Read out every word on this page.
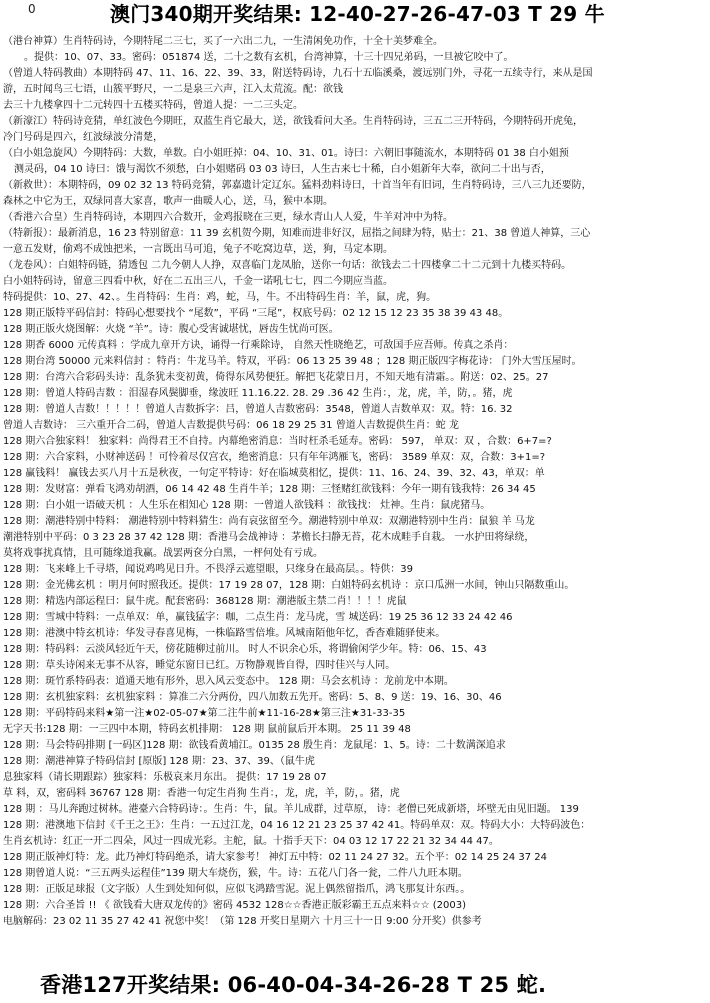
0	澳门340期开奖结果: 12-40-27-26-47-03 T 29 牛
（港台神算）生肖特码诗，今期特尾二三七，买了一六出二九，一生清闲免功作，十全十美梦难全。
。提供：10、07、33。密码：051874 送，二十之数有玄机，台湾神算，十三十四兄弟码，一旦被它咬中了。
（曾道人特码教曲）本期特码 47、11、16、22、39、33，附送特码诗，九石十五临溪桑，渡远别门外，寻花一五续寺行，来从是国
游，五时闻鸟三七语，山簇平野尺，一二是泉三六声，江入太荒流。配：欲钱
去三十九楼拿四十二元转四十五楼买特码，曾道人提：一二三头定。
（新濠江）特码诗竞猜，单红波色今期旺，双蓝生肖它最大，送，欲钱看问大圣。生肖特码诗，三五二三开特码，今期特码开虎兔，
冷门号码是四六，红波绿波分清楚，
（白小姐急旋风）今期特码：大数，单数。白小姐旺掉：04、10、31、01。诗曰：六朝旧事随流水，本期特码 01 38 白小姐预
测灵码，04 10 诗曰：饿与渴饮不须愁，白小姐赌码 03 03 诗曰，人生古来七十稀，白小姐新年大奉，欲问二十出与否，
（新救世）：本期特码，09 02 32 13 特码竞猜，郭嘉遗计定辽东。猛料劲料诗曰，十首当年有旧词，生肖特码诗，三八三九还要防，
森林之中它为王，双绿同喜大家喜，歌声一曲暖人心，送，马，猴中本期。
（香港六合皇）生肖特码诗，本期四六合数开，金鸡报晓在三更，绿水青山人人爱，牛羊对冲中为特。
（特新报）：最新消息，16 23 特别留意：11 39 玄机贺今期，知难而进非好汉，屈指之间肆为特，贴士：21、38 曾道人神算，三心
一意五发财，偷鸡不成蚀把米，一言既出马可追，兔子不吃窝边草，送，狗，马定本期。
（龙卷风）：白姐特码链，猜透包 二九今朝人人挣，双喜临门龙凤胎，送你一句话：欲钱去二十四楼拿二十二元到十九楼买特码。
白小姐特码诗，留意三四看中秋，好在二五出三八，千金一诺吼七七，四二今期应当蓝。
特码提供：10、27、42、。生肖特码：生肖：鸡，蛇，马，牛。不出特码生肖：羊，鼠，虎，狗。
128 期正版特平码信封：特码心想要找个 “尾数”，平码 “三尾”，权底号码：02 12 15 12 23 35 38 39 43 48。
128 期正版火烧图解：火烧 “羊”。诗：腹心受害诚堪忧，唇齿生忧尚可医。
128 期香 6000 元传真料 ：学成九章开方诀，诵得一行乘除诗， 自然天性晓绝艺，可敌国手应吾师。传真之杀肖：
128 期台湾 50000 元来料信封 ：特肖：牛龙马羊。特双，平码：06 13 25 39 48 ；128 期正版四字梅花诗： 门外大雪压屋时。
128 期：台湾六合彩码头诗：乱条犹未变初黄，倚得东风势便狂。解把飞花蒙日月，不知天地有清霜。。附送：02、25。27
128 期：曾道人特码吉数 ：泪湿春风鬓脚垂，缘波旺 11.16.22. 28. 29 .36 42 生肖：，龙，虎，羊，防，。猪，虎
128 期：曾道人吉数！！！！！曾道人吉数拆字：吕，曾道人吉数密码：3548，曾道人吉数单双：双。特：16. 32
曾道人吉数诗： 三六重开合二码，曾道人吉数提供号码：06 18 29 25 31 曾道人吉数提供生肖：蛇 龙
128 期六合独家料！ 独家料：尚得君王不自持。内幕绝密消息：当时枉杀毛延寿。密码： 597， 单双：双 ，合数：6+7=?
128 期：六合家料，小财神送码 ！可怜着尽仅宫衣，绝密消息：只有年年鸿雁飞，密码： 3589 单双：双，合数：3+1=?
128 赢钱料！ 赢钱去买八月十五是秋夜，一句定平特诗：好在临城莫相忆，提供：11、16、24、39、32、43，单双：单
128 期：发财富：弹看飞鸿劝胡酒，06 14 42 48 生肖牛羊；128 期：三怪赌红欲钱料：今年一期有钱我特：26 34 45
128 期：白小姐一语破天机 ：人生乐在相知心 128 期：一曾道人欲钱料 ：欲钱找： 灶神。生肖：鼠虎猪马。
128 期：潮港特别中特料： 潮港特别中特料猜生：尚有哀弦留至今。潮港特别中单双：双潮港特别中生肖：鼠狼 羊 马龙
潮港特别中平码：0 3 23 28 37 42 128 期：香港马会战神诗 ：茅檐长扫静无苔，花木成畦手自栽。 一水护田将绿绕，
莫将戏事扰真情，且可随缘道我赢。战罢两奁分白黑，一枰何处有亏成。
128 期：飞来峰上千寻塔，闻说鸡鸣见日升。不畏浮云遮望眼，只缘身在最高层。。特供：39
128 期：金光佛玄机 ：明月何时照我还。提供：17 19 28 07，128 期：白姐特码玄机诗 ：京口瓜洲一水间，钟山只隔数重山。
128 期：精选内部运程曰：鼠牛虎。配套密码：368128 期：潮港版主禁二肖！！！！虎鼠
128 期：雪城中特料：一点单双：单，赢钱猛字：咖，二点生肖：龙马虎，雪 城送码：19 25 36 12 33 24 42 46
128 期：港澳中特玄机诗：华发寻春喜见梅，一株临路雪倍堆。风城南陌他年忆，香杳难随驿使来。
128 期：特码料：云淡风轻近午天，傍花随柳过前川。 时人不识余心乐，将谓偷闲学少年。特：06、15、43
128 期：草头诗闲来无事不从容，睡觉东窗日已红。万物静观皆自得，四时佳兴与人同。
128 期：斑竹系特码表：道通天地有形外，思入风云变态中。 128 期：马会玄机诗 ：龙前龙中本期。
128 期：玄机独家料：玄机独家料 ：算准二六分两份，四八加数五先开。密码：5、8、9 送：19、16、30、46
128 期：平码特码来料★第一注★02-05-07★第二注牛前★11-16-28★第三注★31-33-35
无字天书:128 期：一三四中本期，特码玄机排期： 128 期 鼠前鼠后开本期。 25 11 39 48
128 期：马会特码排期 [一码区]128 期：欲钱看黄埔江。0135 28 殷生肖：龙鼠尾：1、5。诗：二十数满深追求
128 期：潮港神算子特码信封 [原版] 128 期：23、37、39、（鼠牛虎
息独家料（请长期跟踪）独家料：乐极哀来月东出。 提供：17 19 28 07
草 料，双，密码料 36767 128 期：香港一句定生肖狗 生肖：，龙，虎，羊，防，。猪，虎
128 期 ：马儿奔跑过树林。港臺六合特码诗：。生肖：牛，鼠。羊儿成群，过草原， 诗：老僧已死成新塔，坏壁无由见旧题。 139
128 期：港澳地下信封《千王之王》：生肖：一五过江龙，04 16 12 21 23 25 37 42 41。特码单双：双。特码大小：大特码波色：
生肖玄机诗：红正一开二四朵，风过一四成光彩。主舵，鼠。十指手天下：04 03 12 17 22 21 32 34 44 47。
128 期正版神灯特：龙。此乃神灯特码绝杀，请大家参考！ 神灯五中特：02 11 24 27 32。五个平：02 14 25 24 37 24
128 期曾道人说：“三五两头运程佳”139 期大车烧伤，猴，牛。诗：五花八门各一瓮，二件八九旺本期。
128 期：正版足球报（文字版）人生到处知何似，应似飞鸿踏雪泥。泥上偶然留指爪，鸿飞那复计东西。。
128 期：六合圣旨 !! 《 欲钱看大唐双龙传的》密码 4532 128☆☆香港正版彩霸王五点来料☆☆ (2003)
电脑解码：23 02 11 35 27 42 41 祝您中奖！（第 128 开奖日星期六 十月三十一日 9:00 分开奖）供参考
香港127开奖结果: 06-40-04-34-26-28 T 25 蛇.
